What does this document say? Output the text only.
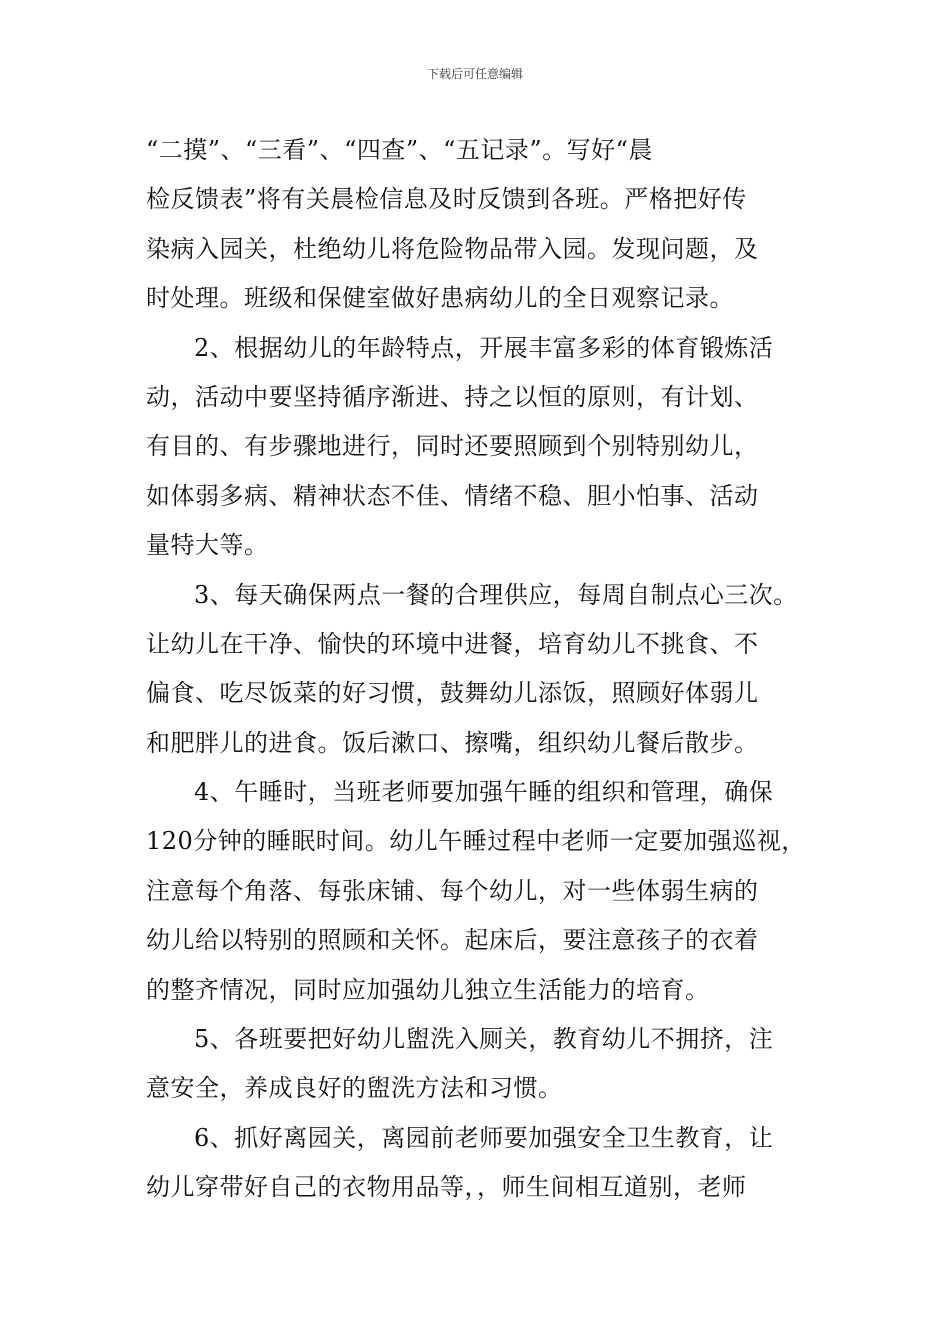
下载后可任意编辑
“二摸”、“三看”、“四查”、“五记录”。写好“晨
检反馈表”将有关晨检信息及时反馈到各班。严格把好传
染病入园关，杜绝幼儿将危险物品带入园。发现问题，及
时处理。班级和保健室做好患病幼儿的全日观察记录。
2、根据幼儿的年龄特点，开展丰富多彩的体育锻炼活
动，活动中要坚持循序渐进、持之以恒的原则，有计划、
有目的、有步骤地进行，同时还要照顾到个别特别幼儿，
如体弱多病、精神状态不佳、情绪不稳、胆小怕事、活动
量特大等。
3、每天确保两点一餐的合理供应，每周自制点心三次。
让幼儿在干净、愉快的环境中进餐，培育幼儿不挑食、不
偏食、吃尽饭菜的好习惯，鼓舞幼儿添饭，照顾好体弱儿
和肥胖儿的进食。饭后漱口、擦嘴，组织幼儿餐后散步。
4、午睡时，当班老师要加强午睡的组织和管理，确保
120分钟的睡眠时间。幼儿午睡过程中老师一定要加强巡视，
注意每个角落、每张床铺、每个幼儿，对一些体弱生病的
幼儿给以特别的照顾和关怀。起床后，要注意孩子的衣着
的整齐情况，同时应加强幼儿独立生活能力的培育。
5、各班要把好幼儿盥洗入厕关，教育幼儿不拥挤，注
意安全，养成良好的盥洗方法和习惯。
6、抓好离园关，离园前老师要加强安全卫生教育，让
幼儿穿带好自己的衣物用品等，，师生间相互道别，老师
